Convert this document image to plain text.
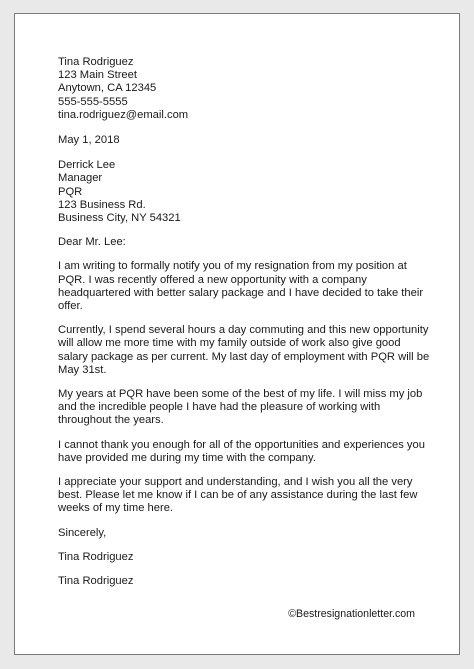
Tina Rodriguez
123 Main Street
Anytown, CA 12345
555-555-5555
tina.rodriguez@email.com
May 1, 2018
Derrick Lee
Manager
PQR
123 Business Rd.
Business City, NY 54321

Dear Mr. Lee:

I am writing to formally notify you of my resignation from my position at PQR. I was recently offered a new opportunity with a company headquartered with better salary package and I have decided to take their offer.

Currently, I spend several hours a day commuting and this new opportunity will allow me more time with my family outside of work also give good salary package as per current. My last day of employment with PQR will be May 31st.

My years at PQR have been some of the best of my life. I will miss my job and the incredible people I have had the pleasure of working with throughout the years.

I cannot thank you enough for all of the opportunities and experiences you have provided me during my time with the company.

I appreciate your support and understanding, and I wish you all the very best. Please let me know if I can be of any assistance during the last few weeks of my time here.

Sincerely,
Tina Rodriguez
Tina Rodriguez
©Bestresignationletter.com
